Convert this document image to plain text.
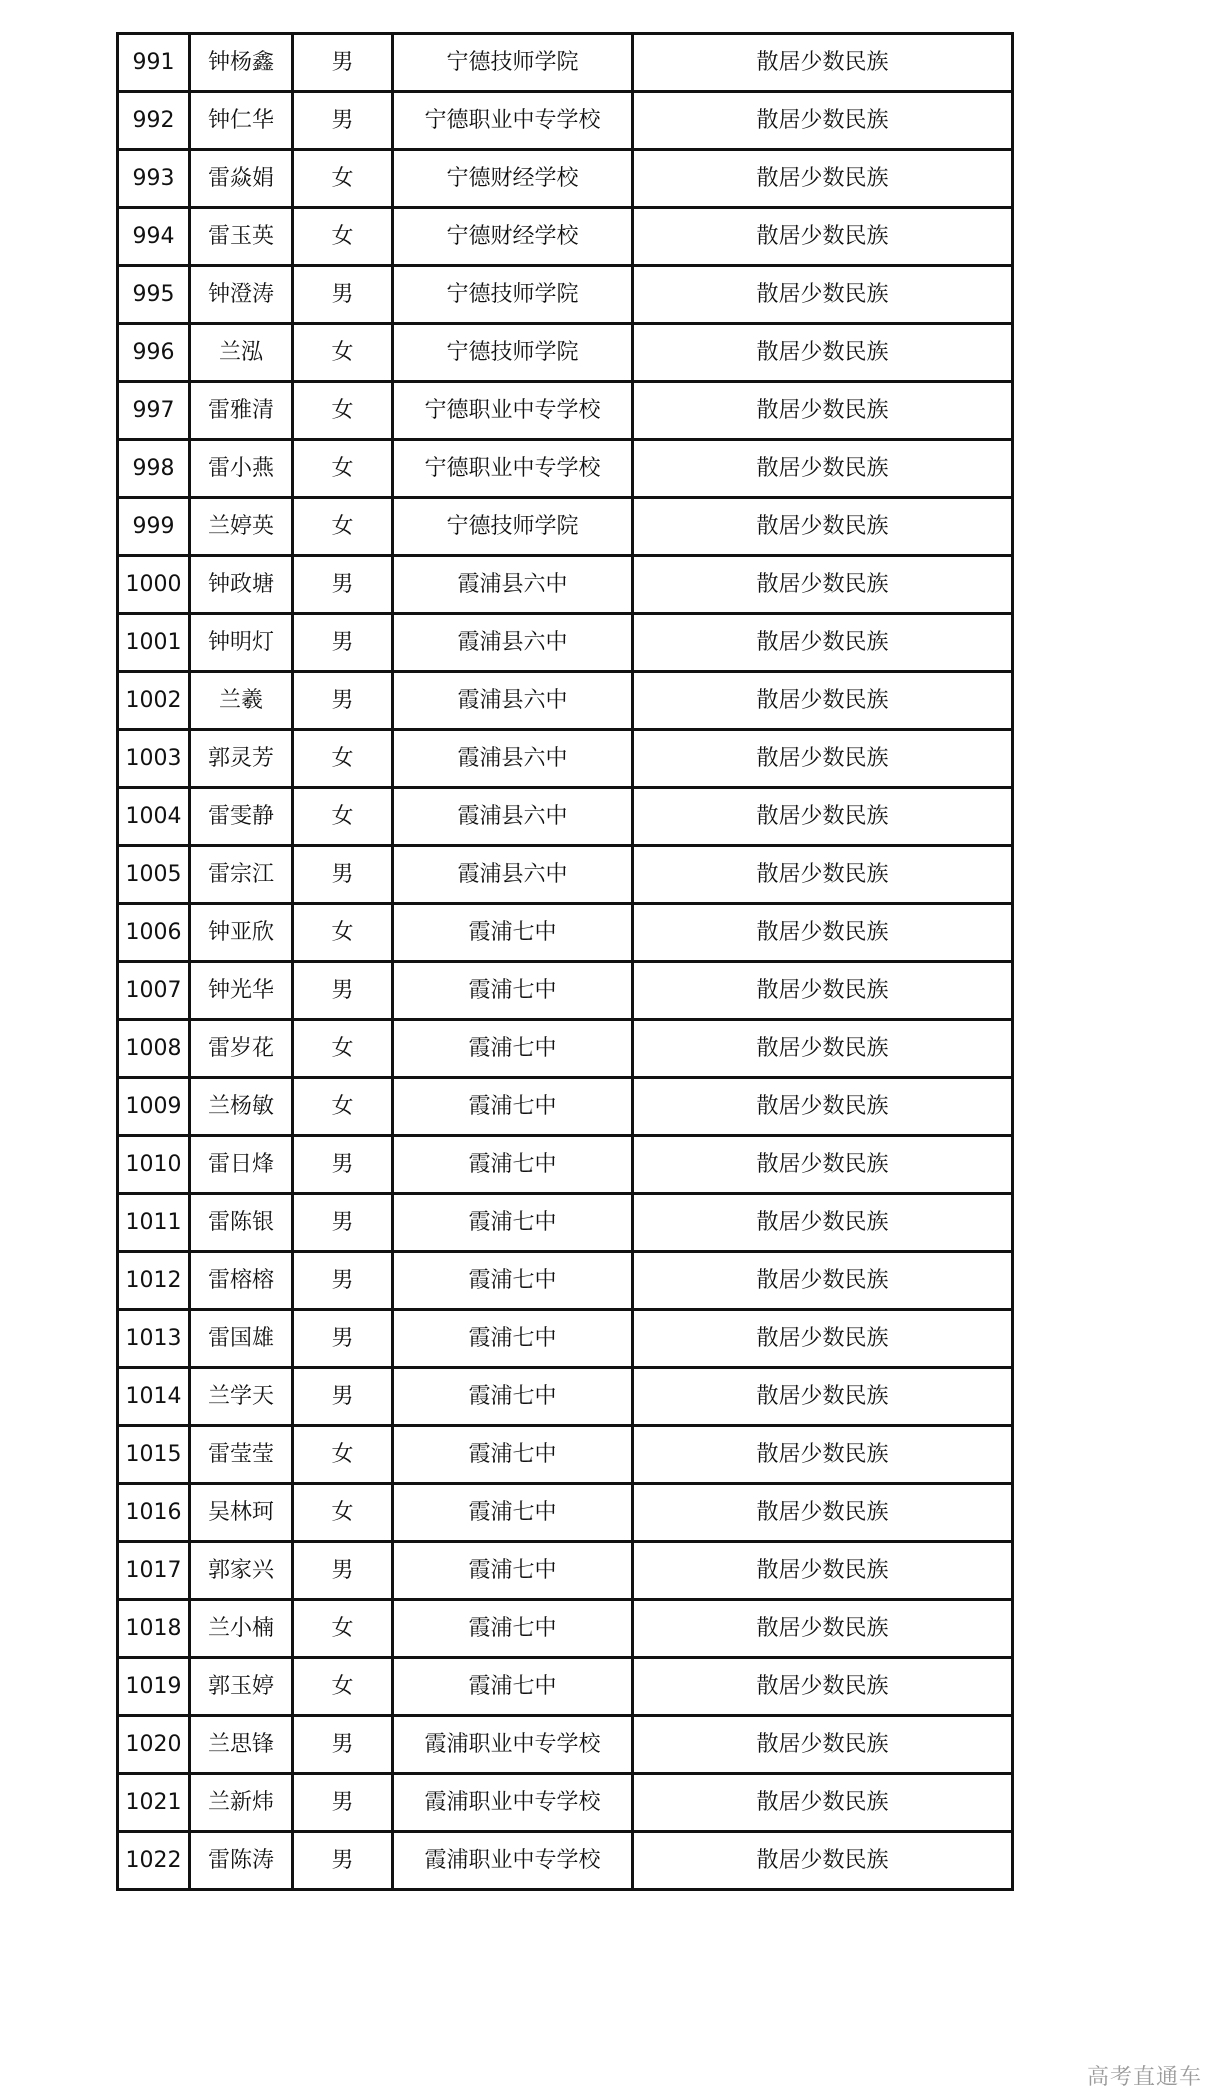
991	钟杨鑫	男	宁德技师学院	散居少数民族
992	钟仁华	男	宁德职业中专学校	散居少数民族
993	雷焱娟	女	宁德财经学校	散居少数民族
994	雷玉英	女	宁德财经学校	散居少数民族
995	钟澄涛	男	宁德技师学院	散居少数民族
996	兰泓	女	宁德技师学院	散居少数民族
997	雷雅清	女	宁德职业中专学校	散居少数民族
998	雷小燕	女	宁德职业中专学校	散居少数民族
999	兰婷英	女	宁德技师学院	散居少数民族
1000	钟政塘	男	霞浦县六中	散居少数民族
1001	钟明灯	男	霞浦县六中	散居少数民族
1002	兰羲	男	霞浦县六中	散居少数民族
1003	郭灵芳	女	霞浦县六中	散居少数民族
1004	雷雯静	女	霞浦县六中	散居少数民族
1005	雷宗江	男	霞浦县六中	散居少数民族
1006	钟亚欣	女	霞浦七中	散居少数民族
1007	钟光华	男	霞浦七中	散居少数民族
1008	雷岁花	女	霞浦七中	散居少数民族
1009	兰杨敏	女	霞浦七中	散居少数民族
1010	雷日烽	男	霞浦七中	散居少数民族
1011	雷陈银	男	霞浦七中	散居少数民族
1012	雷榕榕	男	霞浦七中	散居少数民族
1013	雷国雄	男	霞浦七中	散居少数民族
1014	兰学天	男	霞浦七中	散居少数民族
1015	雷莹莹	女	霞浦七中	散居少数民族
1016	吴林珂	女	霞浦七中	散居少数民族
1017	郭家兴	男	霞浦七中	散居少数民族
1018	兰小楠	女	霞浦七中	散居少数民族
1019	郭玉婷	女	霞浦七中	散居少数民族
1020	兰思锋	男	霞浦职业中专学校	散居少数民族
1021	兰新炜	男	霞浦职业中专学校	散居少数民族
1022	雷陈涛	男	霞浦职业中专学校	散居少数民族
高考直通车
